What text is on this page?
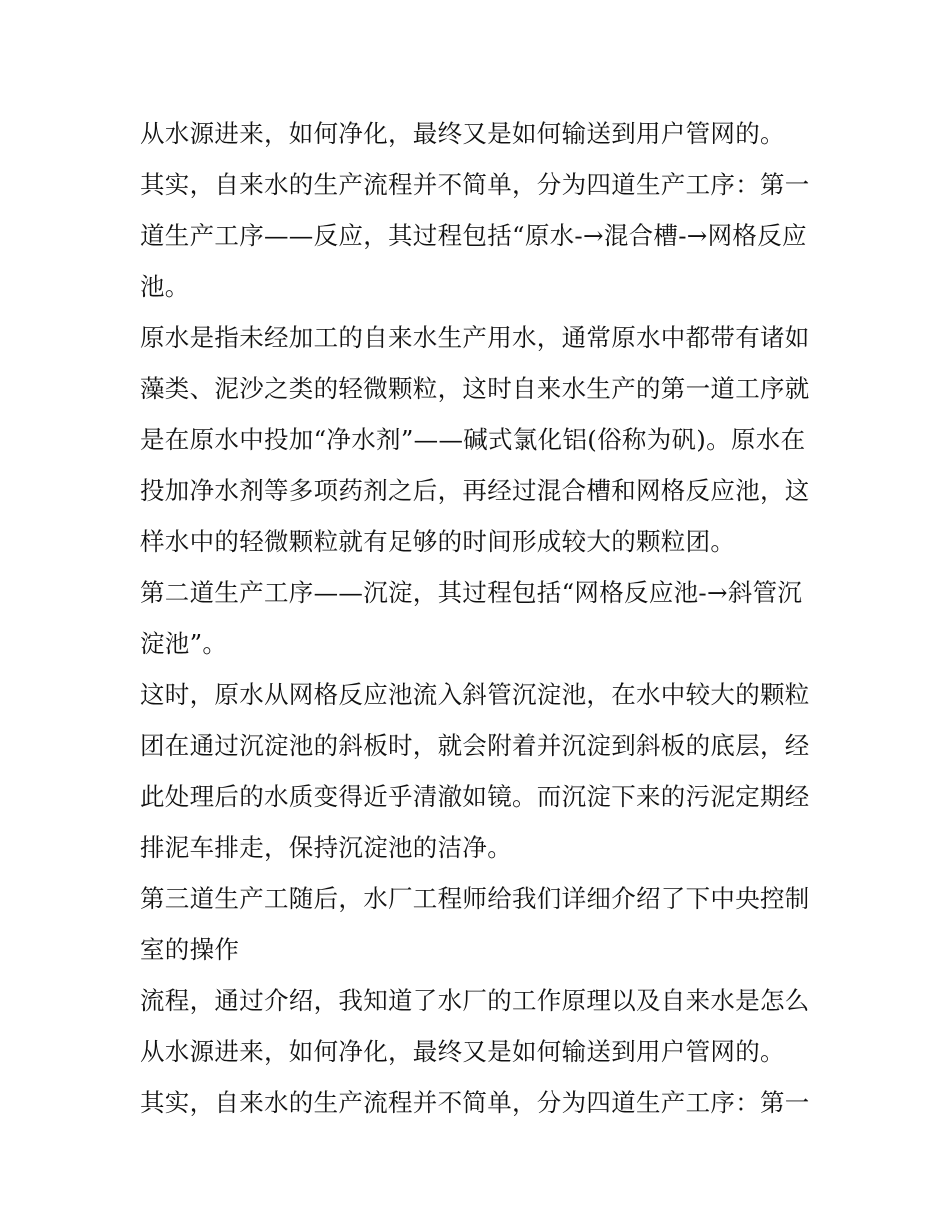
从水源进来，如何净化，最终又是如何输送到用户管网的。
其实，自来水的生产流程并不简单，分为四道生产工序：第一
道生产工序——反应，其过程包括“原水-→混合槽-→网格反应
池。
原水是指未经加工的自来水生产用水，通常原水中都带有诸如
藻类、泥沙之类的轻微颗粒，这时自来水生产的第一道工序就
是在原水中投加“净水剂”——碱式氯化铝(俗称为矾)。原水在
投加净水剂等多项药剂之后，再经过混合槽和网格反应池，这
样水中的轻微颗粒就有足够的时间形成较大的颗粒团。
第二道生产工序——沉淀，其过程包括“网格反应池-→斜管沉
淀池”。
这时，原水从网格反应池流入斜管沉淀池，在水中较大的颗粒
团在通过沉淀池的斜板时，就会附着并沉淀到斜板的底层，经
此处理后的水质变得近乎清澈如镜。而沉淀下来的污泥定期经
排泥车排走，保持沉淀池的洁净。
第三道生产工随后，水厂工程师给我们详细介绍了下中央控制
室的操作
流程，通过介绍，我知道了水厂的工作原理以及自来水是怎么
从水源进来，如何净化，最终又是如何输送到用户管网的。
其实，自来水的生产流程并不简单，分为四道生产工序：第一
